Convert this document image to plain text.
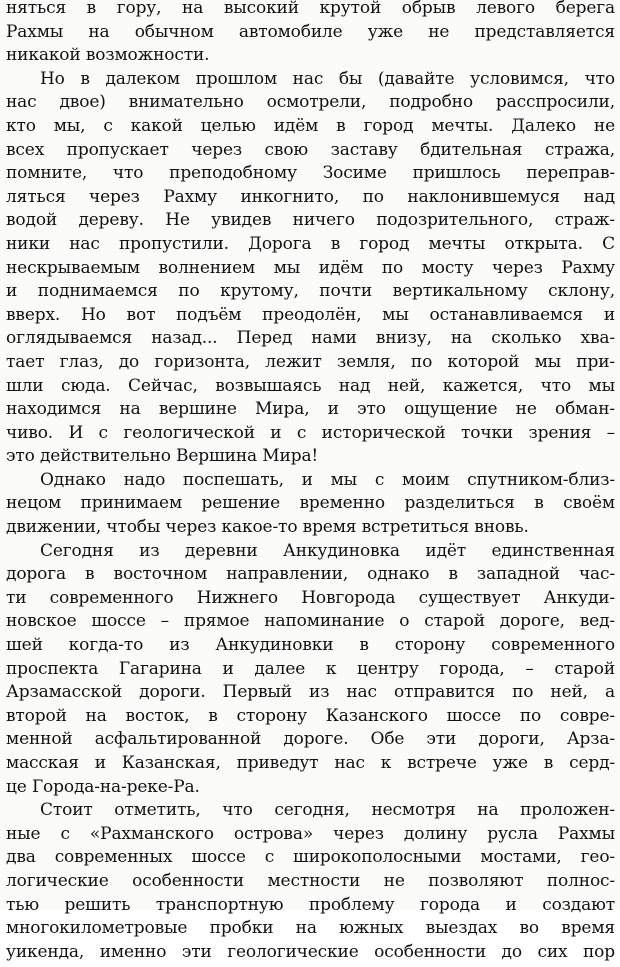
няться в гору, на высокий крутой обрыв левого берега
Рахмы на обычном автомобиле уже не представляется
никакой возможности.
Но в далеком прошлом нас бы (давайте условимся, что
нас двое) внимательно осмотрели, подробно расспросили,
кто мы, с какой целью идём в город мечты. Далеко не
всех пропускает через свою заставу бдительная стража,
помните, что преподобному Зосиме пришлось переправ-
ляться через Рахму инкогнито, по наклонившемуся над
водой дереву. Не увидев ничего подозрительного, страж-
ники нас пропустили. Дорога в город мечты открыта. С
нескрываемым волнением мы идём по мосту через Рахму
и поднимаемся по крутому, почти вертикальному склону,
вверх. Но вот подъём преодолён, мы останавливаемся и
оглядываемся назад... Перед нами внизу, на сколько хва-
тает глаз, до горизонта, лежит земля, по которой мы при-
шли сюда. Сейчас, возвышаясь над ней, кажется, что мы
находимся на вершине Мира, и это ощущение не обман-
чиво. И с геологической и с исторической точки зрения –
это действительно Вершина Мира!
Однако надо поспешать, и мы с моим спутником-близ-
нецом принимаем решение временно разделиться в своём
движении, чтобы через какое-то время встретиться вновь.
Сегодня из деревни Анкудиновка идёт единственная
дорога в восточном направлении, однако в западной час-
ти современного Нижнего Новгорода существует Анкуди-
новское шоссе – прямое напоминание о старой дороге, вед-
шей когда-то из Анкудиновки в сторону современного
проспекта Гагарина и далее к центру города, – старой
Арзамасской дороги. Первый из нас отправится по ней, а
второй на восток, в сторону Казанского шоссе по совре-
менной асфальтированной дороге. Обе эти дороги, Арза-
масская и Казанская, приведут нас к встрече уже в серд-
це Города-на-реке-Ра.
Стоит отметить, что сегодня, несмотря на проложен-
ные с «Рахманского острова» через долину русла Рахмы
два современных шоссе с широкополосными мостами, гео-
логические особенности местности не позволяют полнос-
тью решить транспортную проблему города и создают
многокилометровые пробки на южных выездах во время
уикенда, именно эти геологические особенности до сих пор
